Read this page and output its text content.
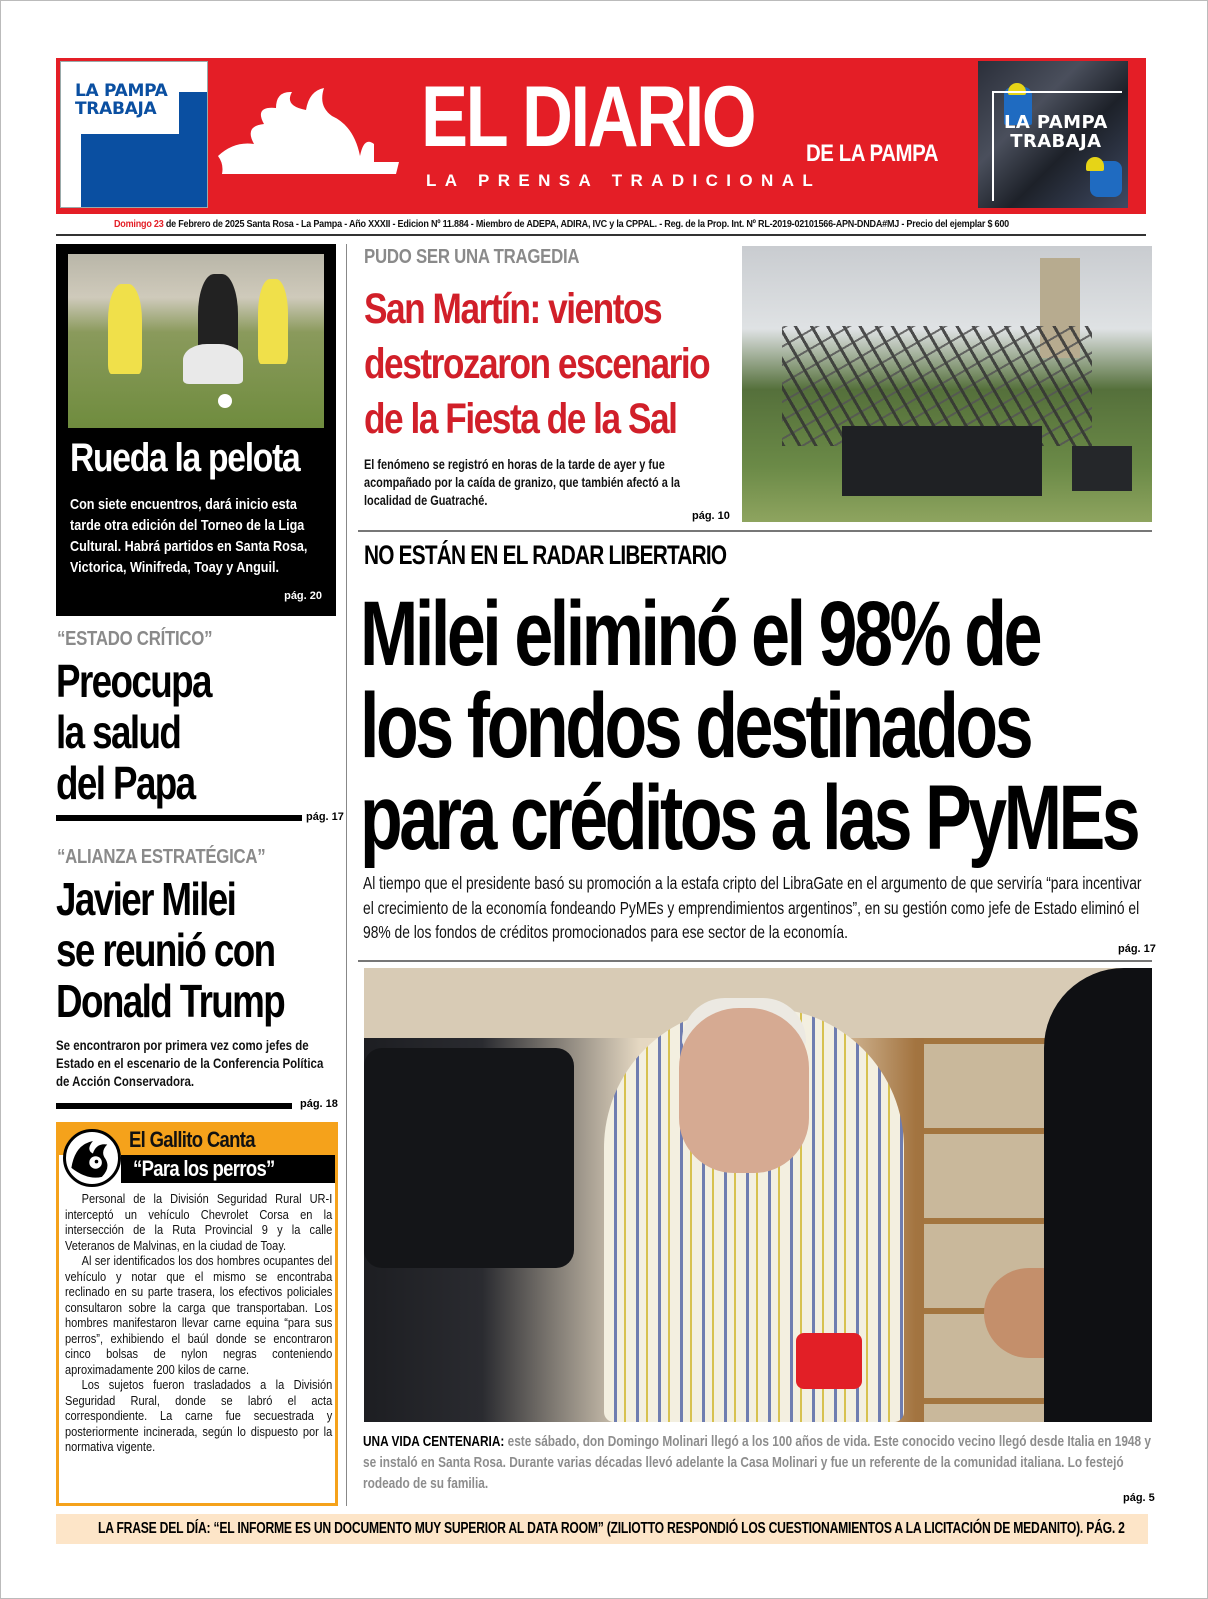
LA PAMPA
TRABAJA	EL DIARIO DE LA PAMPA
LA PRENSA TRADICIONAL
LA PAMPA
TRABAJA
Domingo 23 de Febrero de 2025 Santa Rosa - La Pampa - Año XXXII - Edicion Nº 11.884 - Miembro de ADEPA, ADIRA, IVC y la CPPAL. - Reg. de la Prop. Int. Nº RL-2019-02101566-APN-DNDA#MJ - Precio del ejemplar $ 600
Rueda la pelota
Con siete encuentros, dará inicio esta tarde otra edición del Torneo de la Liga Cultural. Habrá partidos en Santa Rosa, Victorica, Winifreda, Toay y Anguil.
pág. 20
“ESTADO CRÍTICO”
Preocupa
la salud
del Papa
pág. 17
“ALIANZA ESTRATÉGICA”
Javier Milei
se reunió con
Donald Trump
Se encontraron por primera vez como jefes de Estado en el escenario de la Conferencia Política de Acción Conservadora.
pág. 18
El Gallito Canta
“Para los perros”

Personal de la División Seguridad Rural UR-I interceptó un vehículo Chevrolet Corsa en la intersección de la Ruta Provincial 9 y la calle Veteranos de Malvinas, en la ciudad de Toay.

Al ser identificados los dos hombres ocupantes del vehículo y notar que el mismo se encontraba reclinado en su parte trasera, los efectivos policiales consultaron sobre la carga que transportaban. Los hombres manifestaron llevar carne equina “para sus perros”, exhibiendo el baúl donde se encontraron cinco bolsas de nylon negras conteniendo aproximadamente 200 kilos de carne.

Los sujetos fueron trasladados a la División Seguridad Rural, donde se labró el acta correspondiente. La carne fue secuestrada y posteriormente incinerada, según lo dispuesto por la normativa vigente.

PUDO SER UNA TRAGEDIA
San Martín: vientos
destrozaron escenario
de la Fiesta de la Sal
El fenómeno se registró en horas de la tarde de ayer y fue acompañado por la caída de granizo, que también afectó a la localidad de Guatraché.
pág. 10
NO ESTÁN EN EL RADAR LIBERTARIO
Milei eliminó el 98% de
los fondos destinados
para créditos a las PyMEs
Al tiempo que el presidente basó su promoción a la estafa cripto del LibraGate en el argumento de que serviría “para incentivar el crecimiento de la economía fondeando PyMEs y emprendimientos argentinos”, en su gestión como jefe de Estado eliminó el 98% de los fondos de créditos promocionados para ese sector de la economía.
pág. 17
UNA VIDA CENTENARIA: este sábado, don Domingo Molinari llegó a los 100 años de vida. Este conocido vecino llegó desde Italia en 1948 y se instaló en Santa Rosa. Durante varias décadas llevó adelante la Casa Molinari y fue un referente de la comunidad italiana. Lo festejó rodeado de su familia.
pág. 5
LA FRASE DEL DÍA: “EL INFORME ES UN DOCUMENTO MUY SUPERIOR AL DATA ROOM” (ZILIOTTO RESPONDIÓ LOS CUESTIONAMIENTOS A LA LICITACIÓN DE MEDANITO). PÁG. 2
